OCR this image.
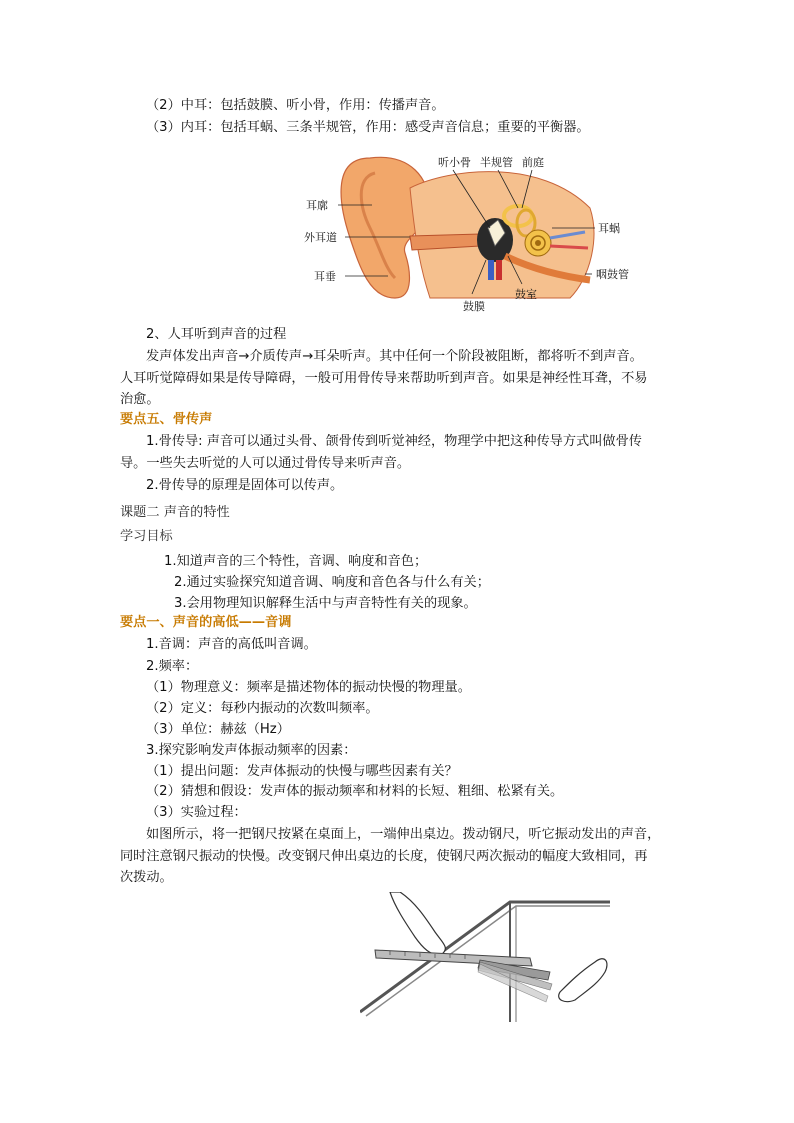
（2）中耳：包括鼓膜、听小骨，作用：传播声音。
（3）内耳：包括耳蜗、三条半规管，作用：感受声音信息；重要的平衡器。
耳廓
外耳道
耳垂
听小骨 半规管 前庭
耳蜗
咽鼓管
鼓室
鼓膜
2、人耳听到声音的过程
发声体发出声音→介质传声→耳朵听声。其中任何一个阶段被阻断，都将听不到声音。
人耳听觉障碍如果是传导障碍，一般可用骨传导来帮助听到声音。如果是神经性耳聋，不易
治愈。
要点五、骨传声
1.骨传导: 声音可以通过头骨、颌骨传到听觉神经，物理学中把这种传导方式叫做骨传
导。一些失去听觉的人可以通过骨传导来听声音。
2.骨传导的原理是固体可以传声。
课题二 声音的特性
学习目标
1.知道声音的三个特性，音调、响度和音色；
2.通过实验探究知道音调、响度和音色各与什么有关；
3.会用物理知识解释生活中与声音特性有关的现象。
要点一、声音的高低——音调
1.音调：声音的高低叫音调。
2.频率：
（1）物理意义：频率是描述物体的振动快慢的物理量。
（2）定义：每秒内振动的次数叫频率。
（3）单位：赫兹（Hz）
3.探究影响发声体振动频率的因素：
（1）提出问题：发声体振动的快慢与哪些因素有关？
（2）猜想和假设：发声体的振动频率和材料的长短、粗细、松紧有关。
（3）实验过程：
如图所示，将一把钢尺按紧在桌面上，一端伸出桌边。拨动钢尺，听它振动发出的声音，
同时注意钢尺振动的快慢。改变钢尺伸出桌边的长度，使钢尺两次振动的幅度大致相同，再
次拨动。
